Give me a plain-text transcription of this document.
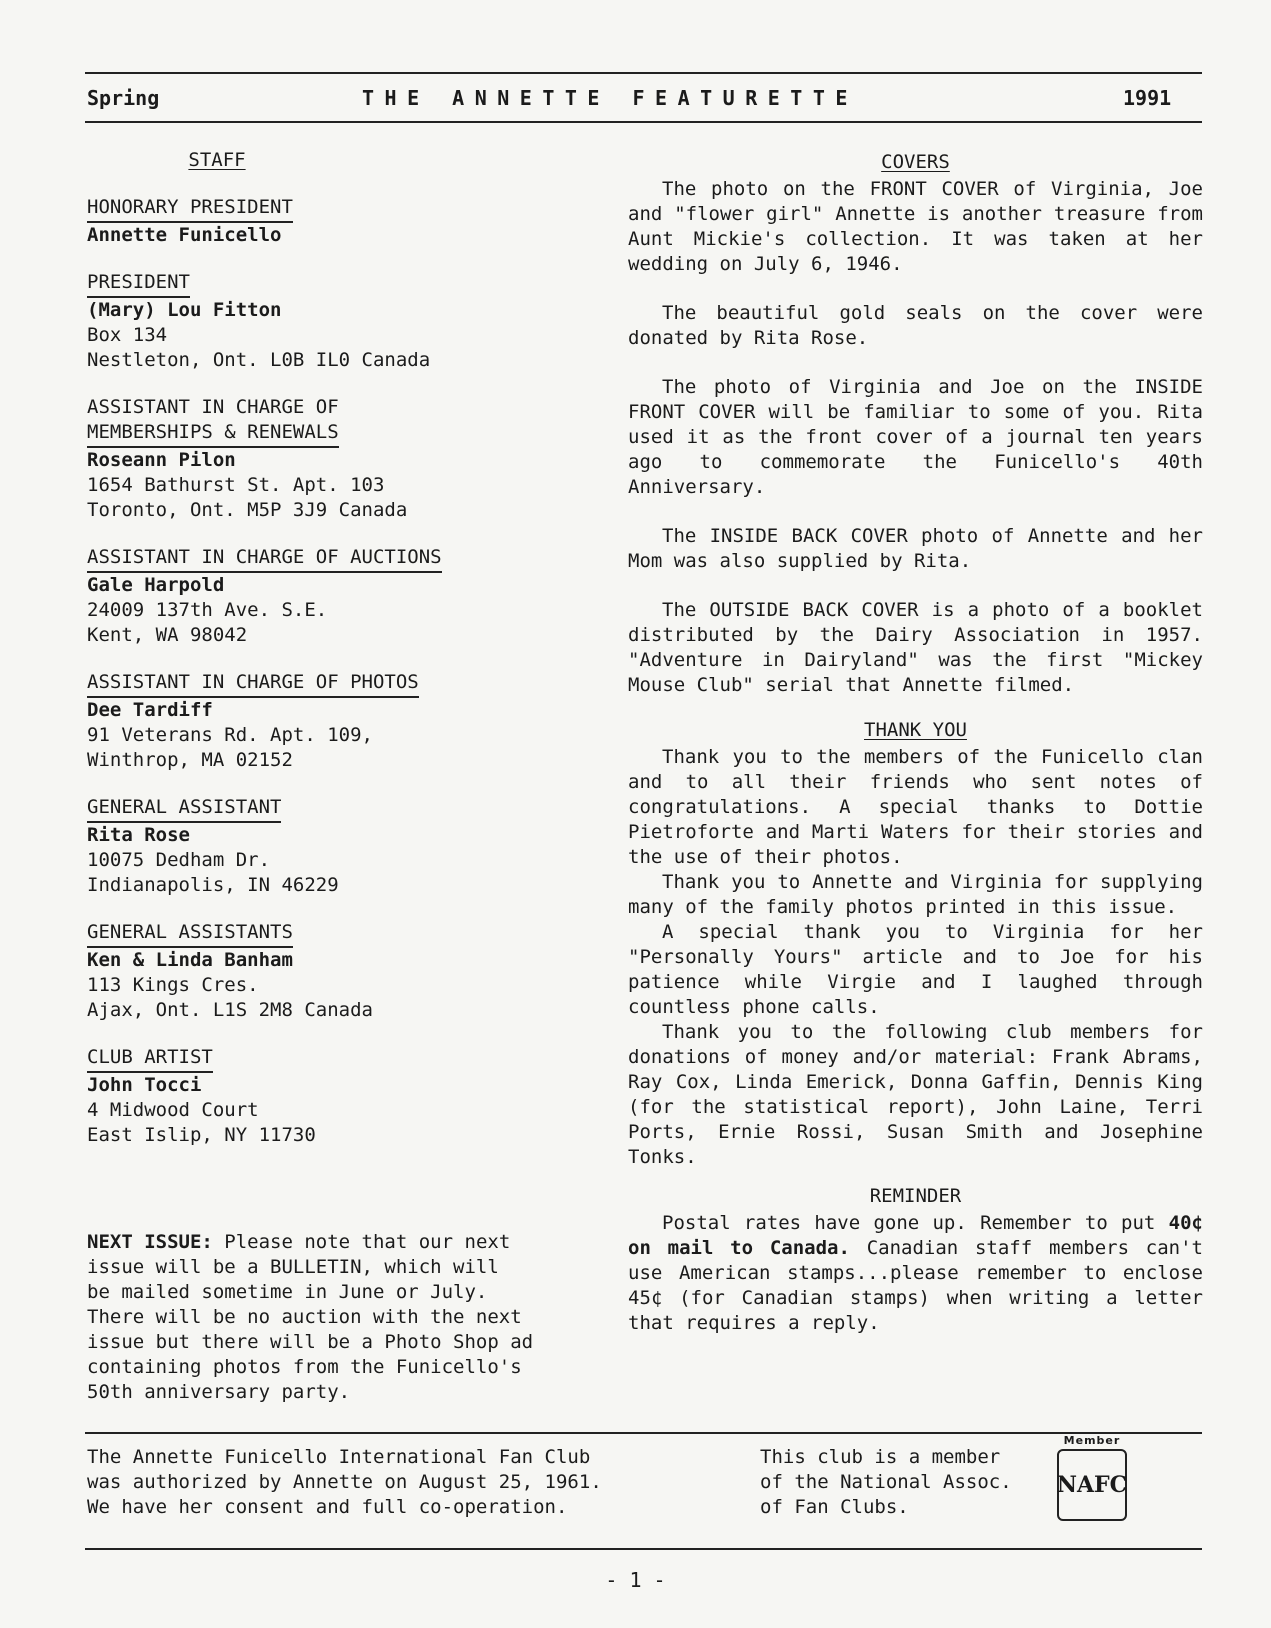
Spring	THE ANNETTE FEATURETTE	1991
STAFF
HONORARY PRESIDENT
Annette Funicello
PRESIDENT
(Mary) Lou Fitton
Box 134
Nestleton, Ont. L0B IL0 Canada
ASSISTANT IN CHARGE OF
MEMBERSHIPS & RENEWALS
Roseann Pilon
1654 Bathurst St. Apt. 103
Toronto, Ont. M5P 3J9 Canada
ASSISTANT IN CHARGE OF AUCTIONS
Gale Harpold
24009 137th Ave. S.E.
Kent, WA 98042
ASSISTANT IN CHARGE OF PHOTOS
Dee Tardiff
91 Veterans Rd. Apt. 109,
Winthrop, MA 02152
GENERAL ASSISTANT
Rita Rose
10075 Dedham Dr.
Indianapolis, IN 46229
GENERAL ASSISTANTS
Ken & Linda Banham
113 Kings Cres.
Ajax, Ont. L1S 2M8 Canada
CLUB ARTIST
John Tocci
4 Midwood Court
East Islip, NY 11730
NEXT ISSUE: Please note that our next
issue will be a BULLETIN, which will
be mailed sometime in June or July.
There will be no auction with the next
issue but there will be a Photo Shop ad
containing photos from the Funicello's
50th anniversary party.
COVERS

The photo on the FRONT COVER of Virginia, Joe and "flower girl" Annette is another treasure from Aunt Mickie's collection. It was taken at her wedding on July 6, 1946.

The beautiful gold seals on the cover were donated by Rita Rose.

The photo of Virginia and Joe on the INSIDE FRONT COVER will be familiar to some of you. Rita used it as the front cover of a journal ten years ago to commemorate the Funicello's 40th Anniversary.

The INSIDE BACK COVER photo of Annette and her Mom was also supplied by Rita.

The OUTSIDE BACK COVER is a photo of a booklet distributed by the Dairy Association in 1957. "Adventure in Dairyland" was the first "Mickey Mouse Club" serial that Annette filmed.

THANK YOU

Thank you to the members of the Funicello clan and to all their friends who sent notes of congratulations. A special thanks to Dottie Pietroforte and Marti Waters for their stories and the use of their photos.

Thank you to Annette and Virginia for supplying many of the family photos printed in this issue.

A special thank you to Virginia for her "Personally Yours" article and to Joe for his patience while Virgie and I laughed through countless phone calls.

Thank you to the following club members for donations of money and/or material: Frank Abrams, Ray Cox, Linda Emerick, Donna Gaffin, Dennis King (for the statistical report), John Laine, Terri Ports, Ernie Rossi, Susan Smith and Josephine Tonks.

REMINDER

Postal rates have gone up. Remember to put 40¢ on mail to Canada. Canadian staff members can't use American stamps...please remember to enclose 45¢ (for Canadian stamps) when writing a letter that requires a reply.

The Annette Funicello International Fan Club
was authorized by Annette on August 25, 1961.
We have her consent and full co-operation.
This club is a member
of the National Assoc.
of Fan Clubs.
Member
NAFC
- 1 -
